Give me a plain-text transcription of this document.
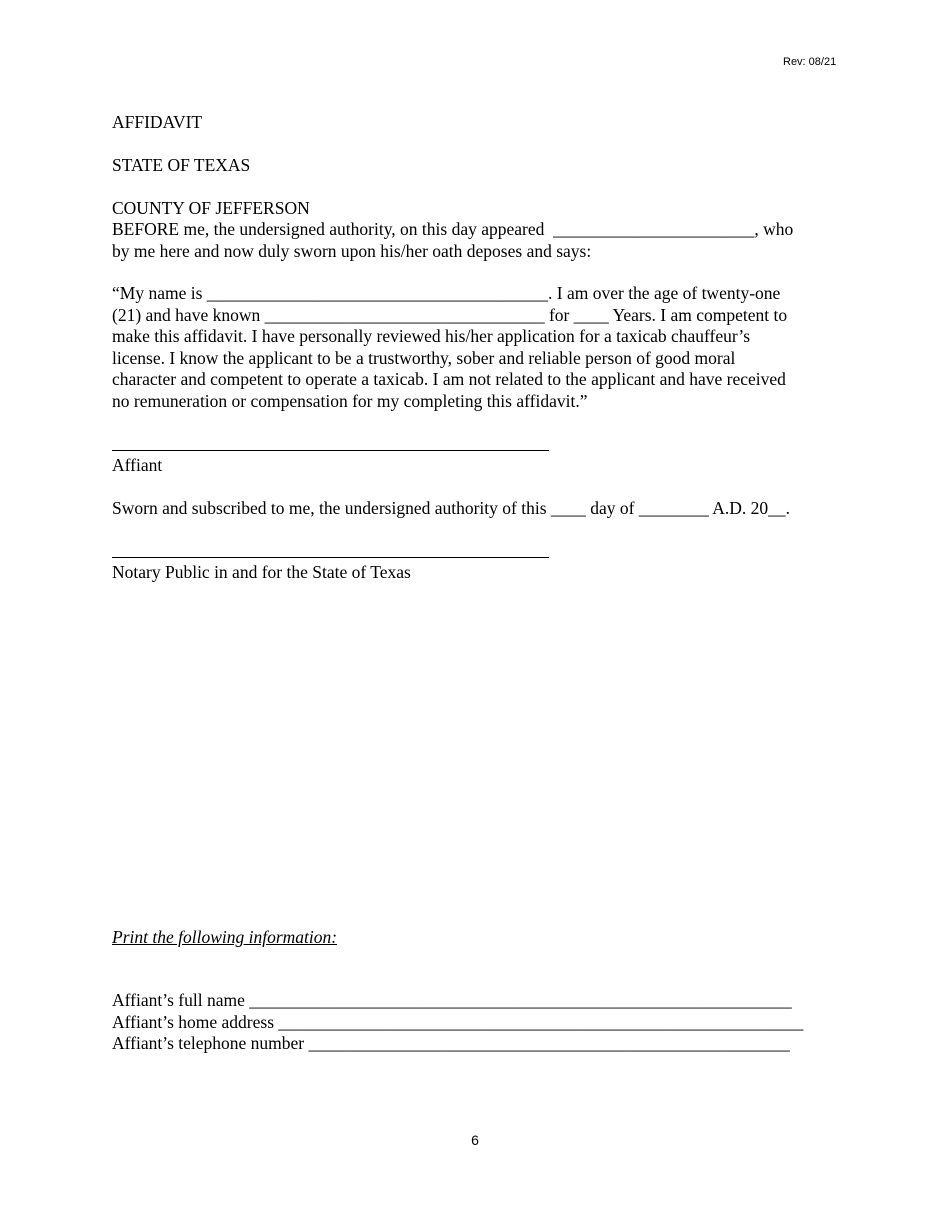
Rev: 08/21
AFFIDAVIT
STATE OF TEXAS
COUNTY OF JEFFERSON
BEFORE me, the undersigned authority, on this day appeared  _______________________, who
by me here and now duly sworn upon his/her oath deposes and says:
“My name is _______________________________________. I am over the age of twenty-one
(21) and have known ________________________________ for ____ Years. I am competent to
make this affidavit. I have personally reviewed his/her application for a taxicab chauffeur’s
license. I know the applicant to be a trustworthy, sober and reliable person of good moral
character and competent to operate a taxicab. I am not related to the applicant and have received
no remuneration or compensation for my completing this affidavit.”
Affiant
Sworn and subscribed to me, the undersigned authority of this ____ day of ________ A.D. 20__.
Notary Public in and for the State of Texas
Print the following information:
Affiant’s full name ______________________________________________________________
Affiant’s home address ____________________________________________________________
Affiant’s telephone number _______________________________________________________
6
